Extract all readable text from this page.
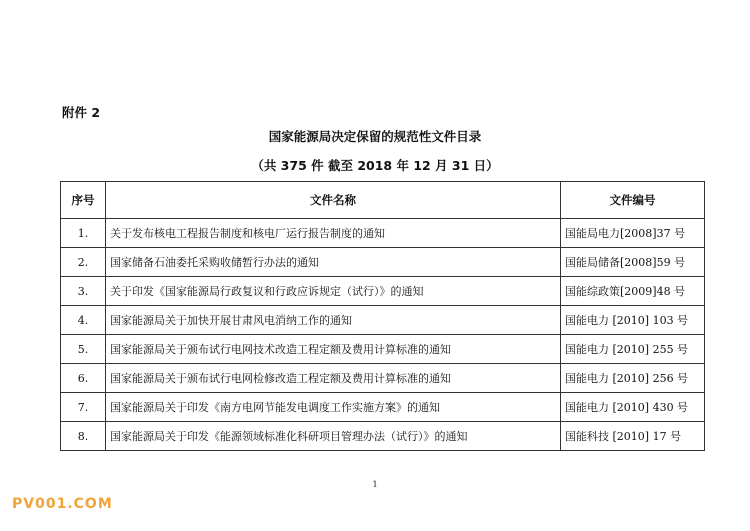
附件 2
国家能源局决定保留的规范性文件目录
（共 375 件 截至 2018 年 12 月 31 日）
序号	文件名称	文件编号
1.	关于发布核电工程报告制度和核电厂运行报告制度的通知	国能局电力[2008]37 号
2.	国家储备石油委托采购收储暂行办法的通知	国能局储备[2008]59 号
3.	关于印发《国家能源局行政复议和行政应诉规定（试行）》的通知	国能综政策[2009]48 号
4.	国家能源局关于加快开展甘肃风电消纳工作的通知	国能电力 [2010] 103 号
5.	国家能源局关于颁布试行电网技术改造工程定额及费用计算标准的通知	国能电力 [2010] 255 号
6.	国家能源局关于颁布试行电网检修改造工程定额及费用计算标准的通知	国能电力 [2010] 256 号
7.	国家能源局关于印发《南方电网节能发电调度工作实施方案》的通知	国能电力 [2010] 430 号
8.	国家能源局关于印发《能源领域标准化科研项目管理办法（试行）》的通知	国能科技 [2010] 17 号
1
PV001.COM
